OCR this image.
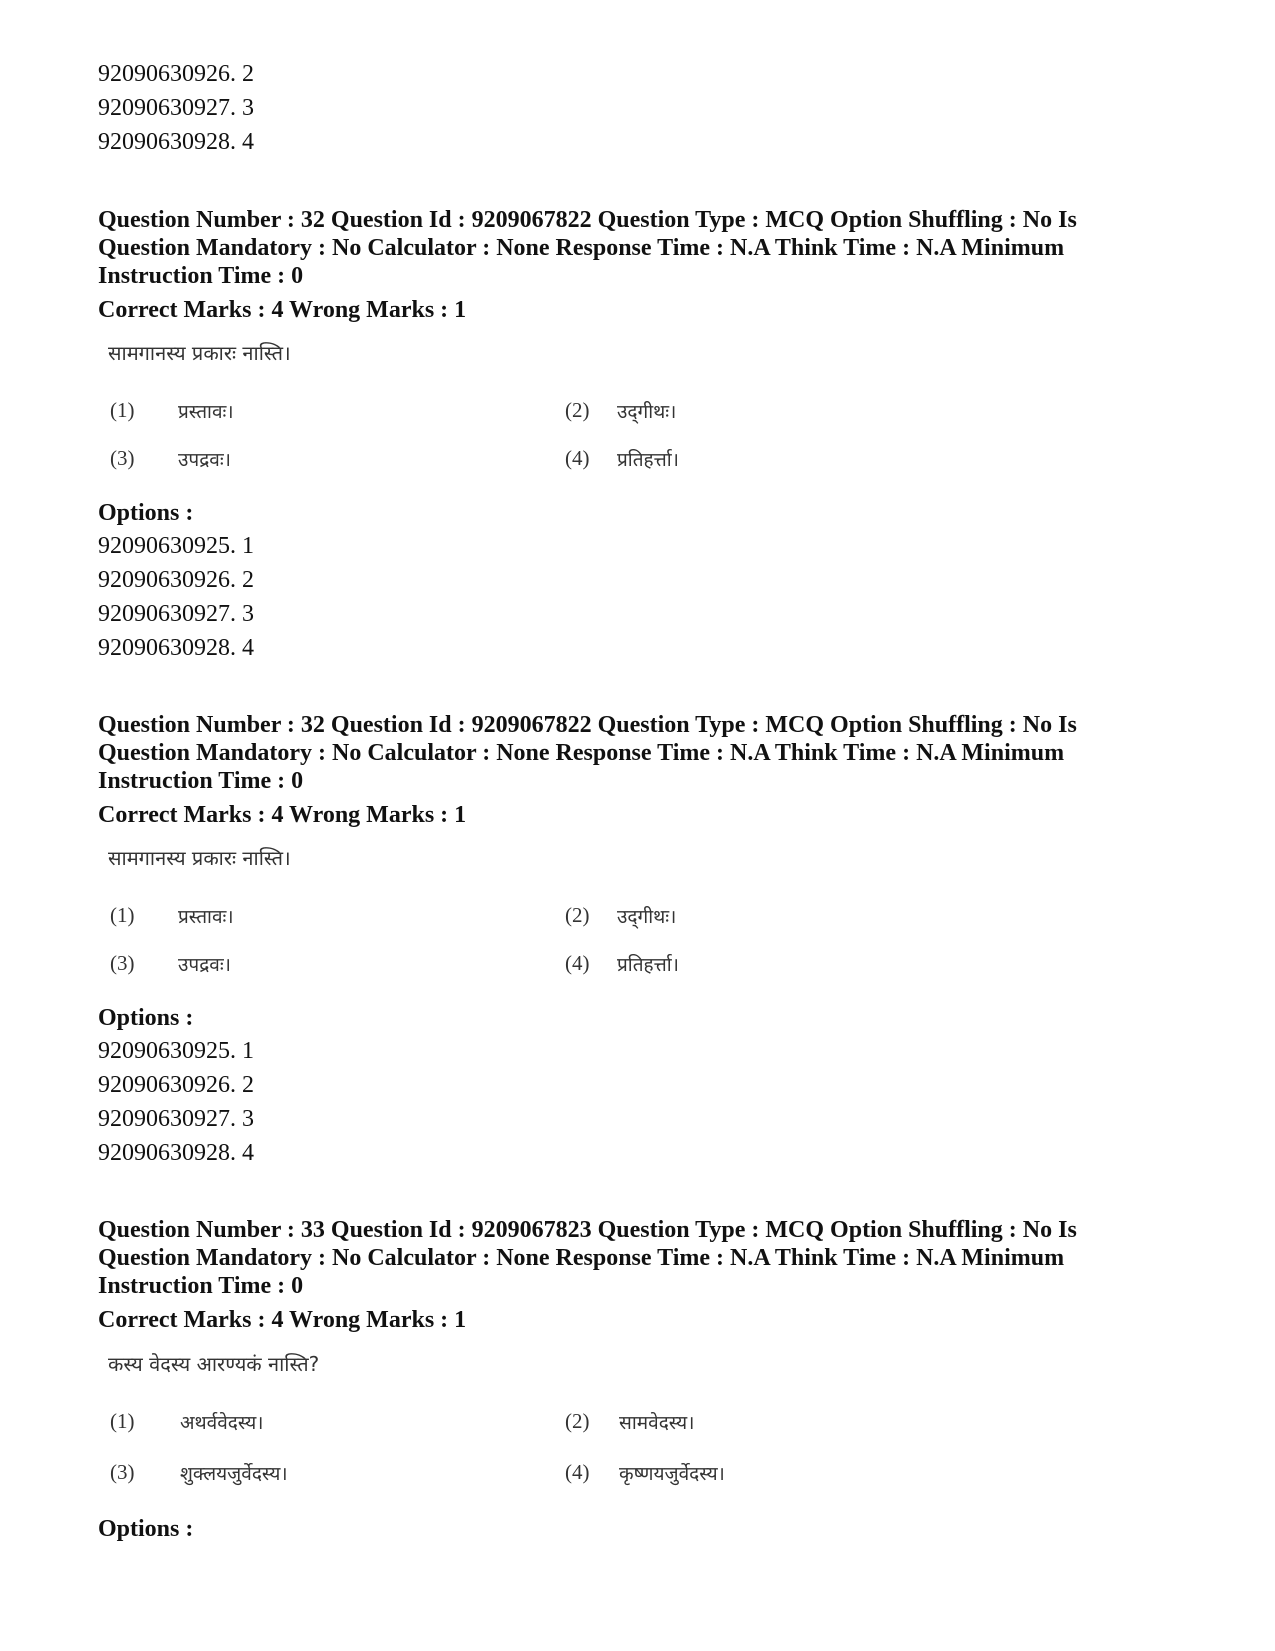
92090630926. 2
92090630927. 3
92090630928. 4
Question Number : 32 Question Id : 9209067822 Question Type : MCQ Option Shuffling : No Is
Question Mandatory : No Calculator : None Response Time : N.A Think Time : N.A Minimum
Instruction Time : 0
Correct Marks : 4 Wrong Marks : 1
सामगानस्य प्रकारः नास्ति।
(1) प्रस्तावः।	(2) उद्‌गीथः।
(3) उपद्रवः।	(4) प्रतिहर्त्ता।
Options :
92090630925. 1
92090630926. 2
92090630927. 3
92090630928. 4
Question Number : 32 Question Id : 9209067822 Question Type : MCQ Option Shuffling : No Is
Question Mandatory : No Calculator : None Response Time : N.A Think Time : N.A Minimum
Instruction Time : 0
Correct Marks : 4 Wrong Marks : 1
सामगानस्य प्रकारः नास्ति।
(1) प्रस्तावः।	(2) उद्‌गीथः।
(3) उपद्रवः।	(4) प्रतिहर्त्ता।
Options :
92090630925. 1
92090630926. 2
92090630927. 3
92090630928. 4
Question Number : 33 Question Id : 9209067823 Question Type : MCQ Option Shuffling : No Is
Question Mandatory : No Calculator : None Response Time : N.A Think Time : N.A Minimum
Instruction Time : 0
Correct Marks : 4 Wrong Marks : 1
कस्य वेदस्य आरण्यकं नास्ति?
(1) अथर्ववेदस्य।	(2) सामवेदस्य।
(3) शुक्लयजुर्वेदस्य।	(4) कृष्णयजुर्वेदस्य।
Options :
